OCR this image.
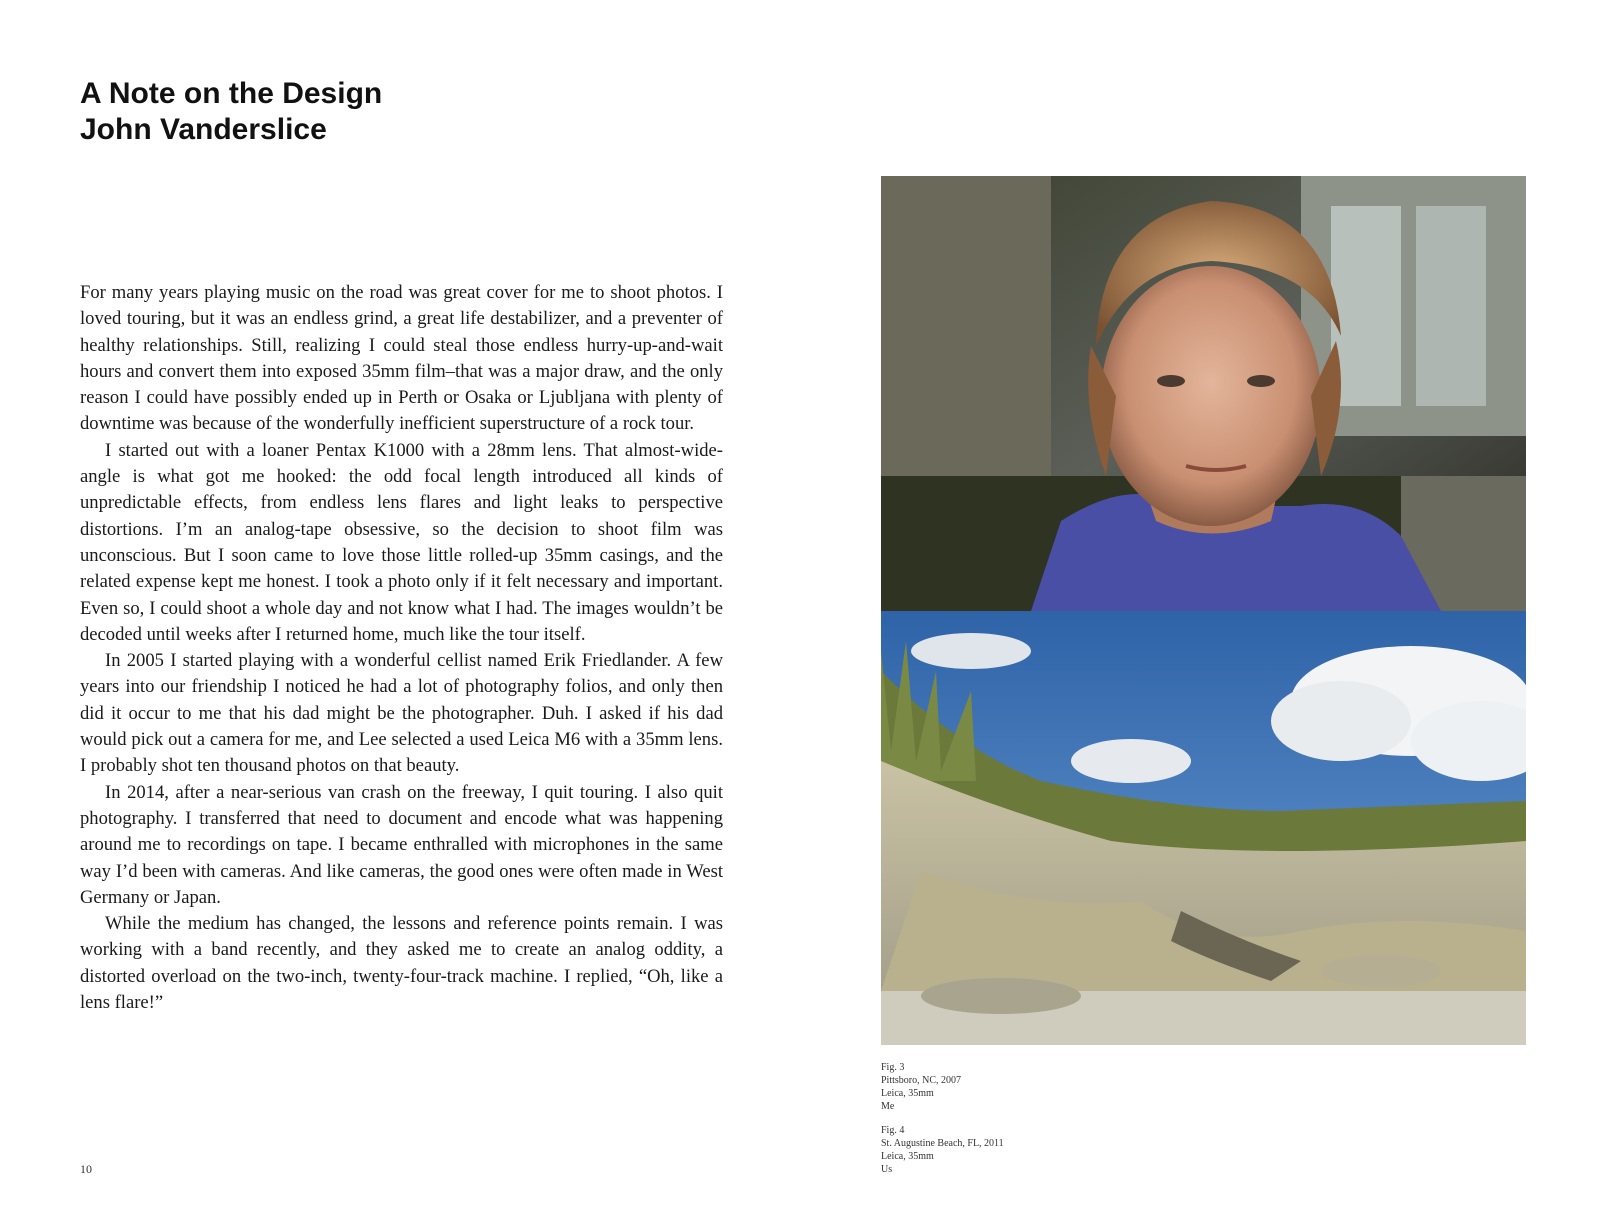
A Note on the Design
John Vanderslice

For many years playing music on the road was great cover for me to shoot photos. I loved touring, but it was an endless grind, a great life destabilizer, and a preventer of healthy relationships. Still, realizing I could steal those endless hurry-up-and-wait hours and convert them into exposed 35mm film–that was a major draw, and the only reason I could have possibly ended up in Perth or Osaka or Ljubljana with plenty of downtime was because of the wonderfully inefficient superstructure of a rock tour.

I started out with a loaner Pentax K1000 with a 28mm lens. That almost-wide-angle is what got me hooked: the odd focal length introduced all kinds of unpredictable effects, from endless lens flares and light leaks to perspective distortions. I’m an analog-tape obsessive, so the decision to shoot film was unconscious. But I soon came to love those little rolled-up 35mm casings, and the related expense kept me honest. I took a photo only if it felt necessary and important. Even so, I could shoot a whole day and not know what I had. The images wouldn’t be decoded until weeks after I returned home, much like the tour itself.

In 2005 I started playing with a wonderful cellist named Erik Friedlander. A few years into our friendship I noticed he had a lot of photography folios, and only then did it occur to me that his dad might be the photographer. Duh. I asked if his dad would pick out a camera for me, and Lee selected a used Leica M6 with a 35mm lens. I probably shot ten thousand photos on that beauty.

In 2014, after a near-serious van crash on the freeway, I quit touring. I also quit photography. I transferred that need to document and encode what was happening around me to recordings on tape. I became enthralled with microphones in the same way I’d been with cameras. And like cameras, the good ones were often made in West Germany or Japan.

While the medium has changed, the lessons and reference points remain. I was working with a band recently, and they asked me to create an analog oddity, a distorted overload on the two-inch, twenty-four-track machine. I replied, “Oh, like a lens flare!”

10
Fig. 3
Pittsboro, NC, 2007
Leica, 35mm
Me
Fig. 4
St. Augustine Beach, FL, 2011
Leica, 35mm
Us
